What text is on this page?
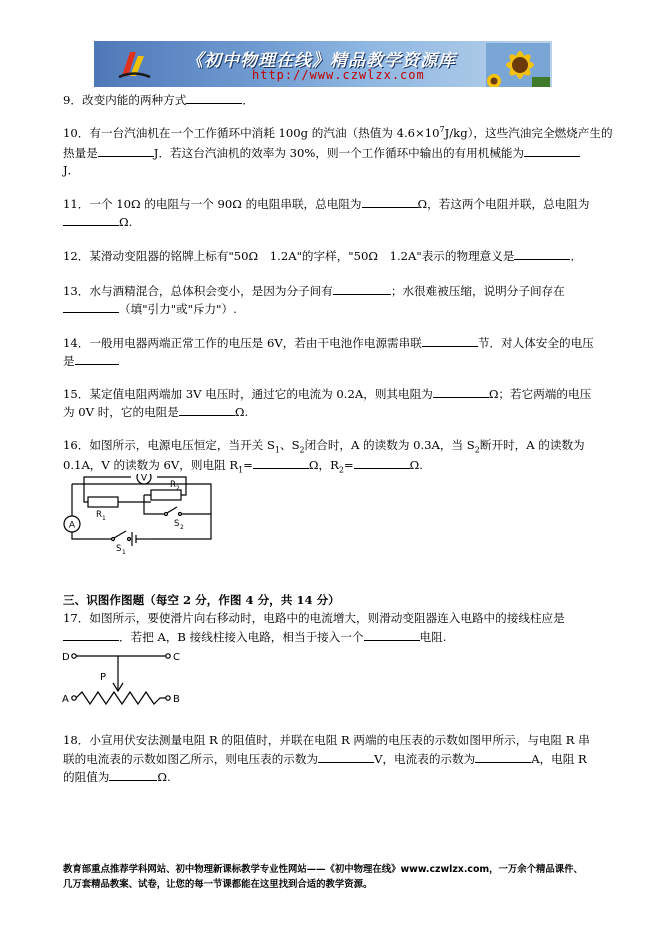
《初中物理在线》精品教学资源库
http://www.czwlzx.com
9．改变内能的两种方式	．
10．有一台汽油机在一个工作循环中消耗 100g 的汽油（热值为 $4.6\times 10^7J/kg$），这些汽油完全燃烧产生的
热量是	J．若这台汽油机的效率为 30%，则一个工作循环中输出的有用机械能为
J．
11．一个 10Ω 的电阻与一个 90Ω 的电阻串联，总电阻为	Ω，若这两个电阻并联，总电阻为
Ω.
12．某滑动变阻器的铭牌上标有"50Ω　1.2A"的字样，"50Ω　1.2A"表示的物理意义是	．
13．水与酒精混合，总体积会变小，是因为分子间有	；水很难被压缩，说明分子间存在
（填"引力"或"斥力"）.
14．一般用电器两端正常工作的电压是 6V，若由干电池作电源需串联	节．对人体安全的电压
是
15．某定值电阻两端加 3V 电压时，通过它的电流为 0.2A，则其电阻为	Ω；若它两端的电压
为 0V 时，它的电阻是	Ω.
16．如图所示，电源电压恒定，当开关 $S_1$、$S_2$闭合时，A 的读数为 0.3A，当 $S_2$断开时，A 的读数为
0.1A，V 的读数为 6V，则电阻 $R_1=$	Ω，$R_2=$	Ω.
V
A
R 1
R 2
S 1
S 2
三、识图作图题（每空 2 分，作图 4 分，共 14 分）
17．如图所示，要使滑片向右移动时，电路中的电流增大，则滑动变阻器连入电路中的接线柱应是
．若把 A，B 接线柱接入电路，相当于接入一个	电阻.
D	C
P
A	B
18．小宣用伏安法测量电阻 R 的阻值时，并联在电阻 R 两端的电压表的示数如图甲所示，与电阻 R 串
联的电流表的示数如图乙所示，则电压表的示数为	V，电流表的示数为	A，电阻 R
的阻值为	Ω.
教育部重点推荐学科网站、初中物理新课标教学专业性网站——《初中物理在线》www.czwlzx.com，一万余个精品课件、
几万套精品教案、试卷，让您的每一节课都能在这里找到合适的教学资源。
